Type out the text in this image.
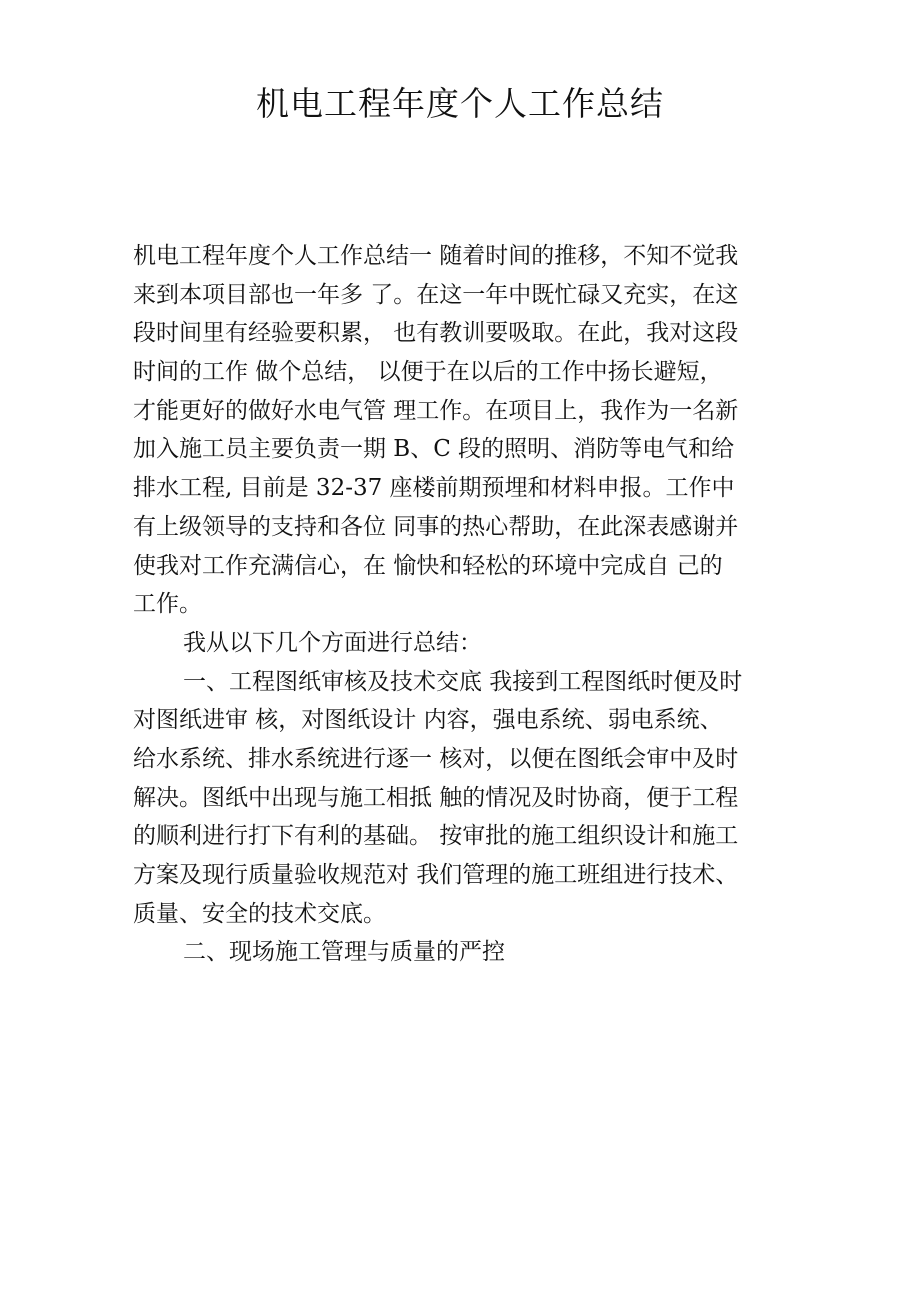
机电工程年度个人工作总结
机电工程年度个人工作总结一 随着时间的推移，不知不觉我
来到本项目部也一年多 了。在这一年中既忙碌又充实，在这
段时间里有经验要积累， 也有教训要吸取。在此，我对这段
时间的工作 做个总结， 以便于在以后的工作中扬长避短，
才能更好的做好水电气管 理工作。在项目上，我作为一名新
加入施工员主要负责一期 B、C 段的照明、消防等电气和给
排水工程, 目前是 32-37 座楼前期预埋和材料申报。工作中
有上级领导的支持和各位 同事的热心帮助，在此深表感谢并
使我对工作充满信心，在 愉快和轻松的环境中完成自 己的
工作。
我从以下几个方面进行总结：
一、工程图纸审核及技术交底 我接到工程图纸时便及时
对图纸进审 核，对图纸设计 内容，强电系统、弱电系统、
给水系统、排水系统进行逐一 核对，以便在图纸会审中及时
解决。图纸中出现与施工相抵 触的情况及时协商，便于工程
的顺利进行打下有利的基础。 按审批的施工组织设计和施工
方案及现行质量验收规范对 我们管理的施工班组进行技术、
质量、安全的技术交底。
二、现场施工管理与质量的严控
